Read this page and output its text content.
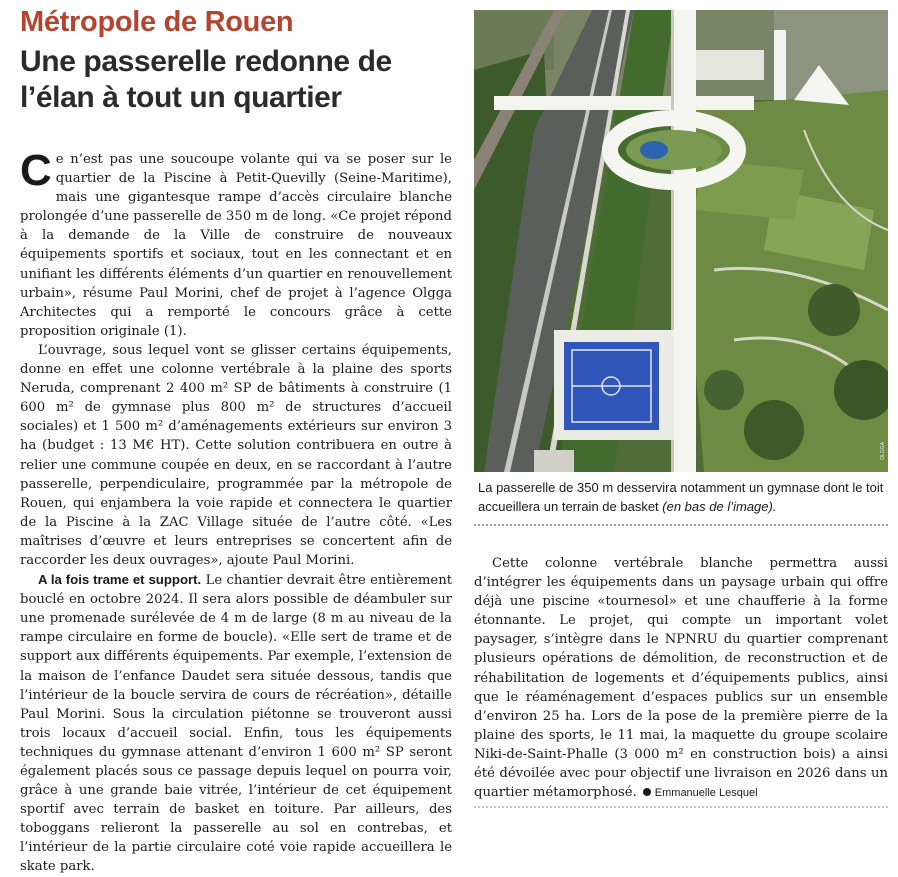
Métropole de Rouen
Une passerelle redonne de l’élan à tout un quartier

Ce n’est pas une soucoupe volante qui va se poser sur le quartier de la Piscine à Petit-Quevilly (Seine-Maritime), mais une gigantesque rampe d’accès circulaire blanche prolongée d’une passerelle de 350 m de long. «Ce projet répond à la demande de la Ville de construire de nouveaux équipements sportifs et sociaux, tout en les connectant et en unifiant les différents éléments d’un quartier en renouvellement urbain», résume Paul Morini, chef de projet à l’agence Olgga Architectes qui a remporté le concours grâce à cette proposition originale (1).

L’ouvrage, sous lequel vont se glisser certains équipements, donne en effet une colonne vertébrale à la plaine des sports Neruda, comprenant 2 400 m² SP de bâtiments à construire (1 600 m² de gymnase plus 800 m² de structures d’accueil sociales) et 1 500 m² d’aménagements extérieurs sur environ 3 ha (budget : 13 M€ HT). Cette solution contribuera en outre à relier une commune coupée en deux, en se raccordant à l’autre passerelle, perpendiculaire, programmée par la métropole de Rouen, qui enjambera la voie rapide et connectera le quartier de la Piscine à la ZAC Village située de l’autre côté. «Les maîtrises d’œuvre et leurs entreprises se concertent afin de raccorder les deux ouvrages», ajoute Paul Morini.

A la fois trame et support. Le chantier devrait être entièrement bouclé en octobre 2024. Il sera alors possible de déambuler sur une promenade surélevée de 4 m de large (8 m au niveau de la rampe circulaire en forme de boucle). «Elle sert de trame et de support aux différents équipements. Par exemple, l’extension de la maison de l’enfance Daudet sera située dessous, tandis que l’intérieur de la boucle servira de cours de récréation», détaille Paul Morini. Sous la circulation piétonne se trouveront aussi trois locaux d’accueil social. Enfin, tous les équipements techniques du gymnase attenant d’environ 1 600 m² SP seront également placés sous ce passage depuis lequel on pourra voir, grâce à une grande baie vitrée, l’intérieur de cet équipement sportif avec terrain de basket en toiture. Par ailleurs, des toboggans relieront la passerelle au sol en contrebas, et l’intérieur de la partie circulaire coté voie rapide accueillera le skate park.

OLGGA
La passerelle de 350 m desservira notamment un gymnase dont le toit accueillera un terrain de basket (en bas de l’image).

Cette colonne vertébrale blanche permettra aussi d’intégrer les équipements dans un paysage urbain qui offre déjà une piscine «tournesol» et une chaufferie à la forme étonnante. Le projet, qui compte un important volet paysager, s’intègre dans le NPNRU du quartier comprenant plusieurs opérations de démolition, de reconstruction et de réhabilitation de logements et d’équipements publics, ainsi que le réaménagement d’espaces publics sur un ensemble d’environ 25 ha. Lors de la pose de la première pierre de la plaine des sports, le 11 mai, la maquette du groupe scolaire Niki-de-Saint-Phalle (3 000 m² en construction bois) a ainsi été dévoilée avec pour objectif une livraison en 2026 dans un quartier métamorphosé. Emmanuelle Lesquel
